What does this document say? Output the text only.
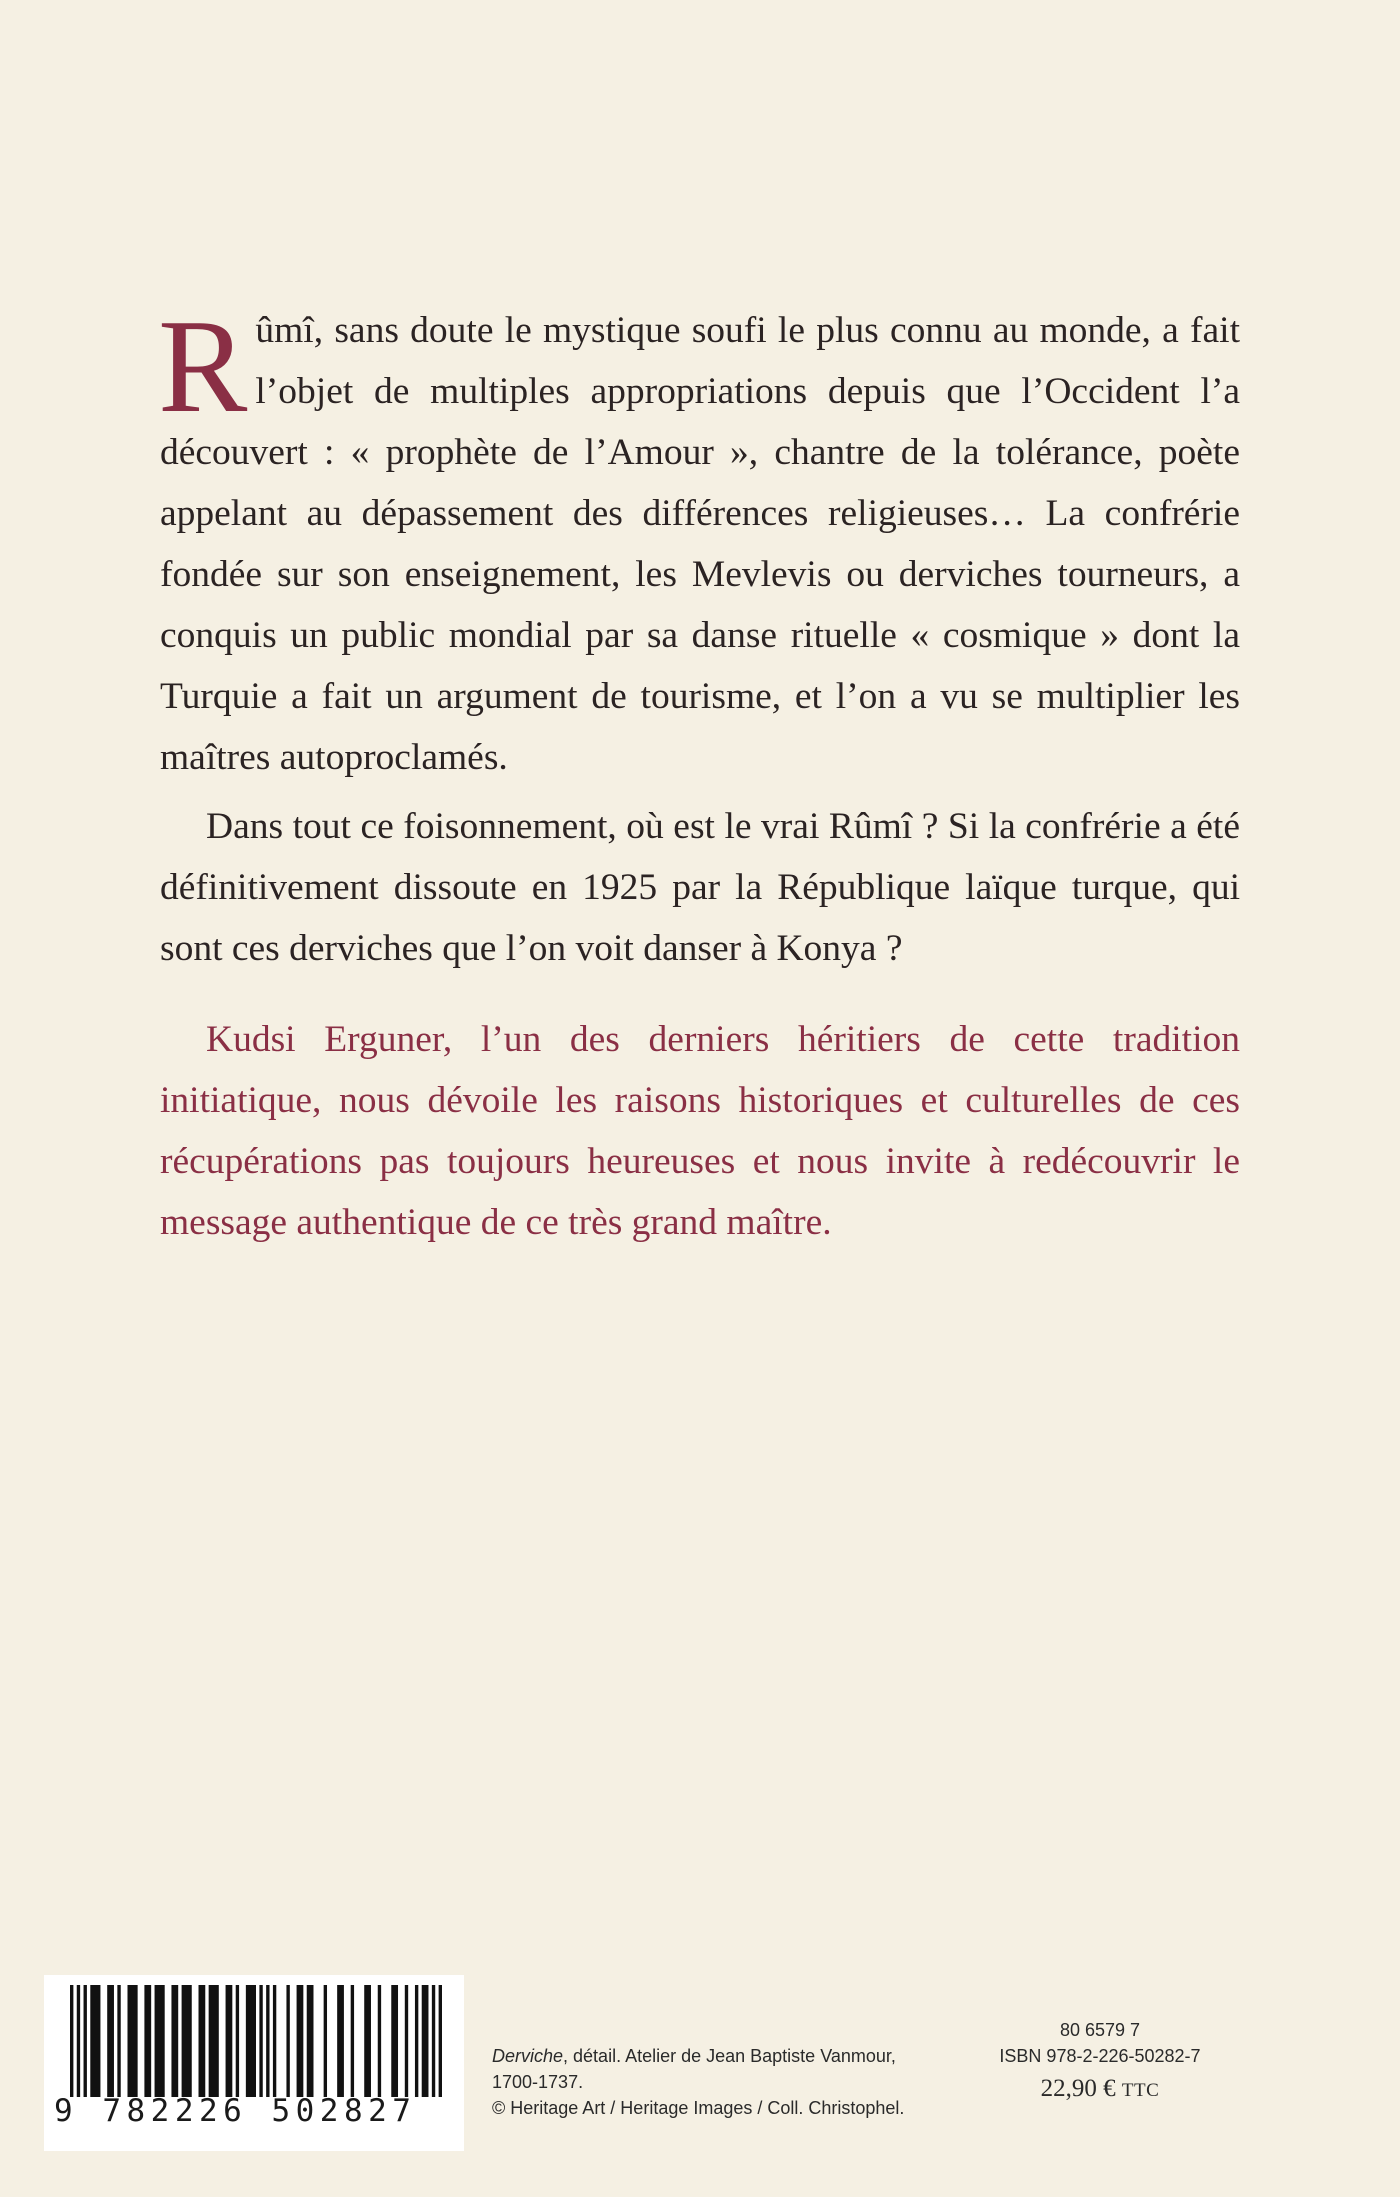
Rûmî, sans doute le mystique soufi le plus connu au monde, a fait l’objet de multiples appropriations depuis que l’Occident l’a découvert : « prophète de l’Amour », chantre de la tolérance, poète appelant au dépassement des différences religieuses… La confrérie fondée sur son enseignement, les Mevlevis ou derviches tourneurs, a conquis un public mondial par sa danse rituelle « cosmique » dont la Turquie a fait un argument de tourisme, et l’on a vu se multiplier les maîtres autoproclamés.

Dans tout ce foisonnement, où est le vrai Rûmî ? Si la confrérie a été définitivement dissoute en 1925 par la République laïque turque, qui sont ces derviches que l’on voit danser à Konya ?

Kudsi Erguner, l’un des derniers héritiers de cette tradition initiatique, nous dévoile les raisons historiques et culturelles de ces récupérations pas toujours heureuses et nous invite à redécouvrir le message authentique de ce très grand maître.

9 782226 502827
Derviche, détail. Atelier de Jean Baptiste Vanmour,
1700-1737.
© Heritage Art / Heritage Images / Coll. Christophel.
80 6579 7
ISBN 978-2-226-50282-7
22,90 € TTC
